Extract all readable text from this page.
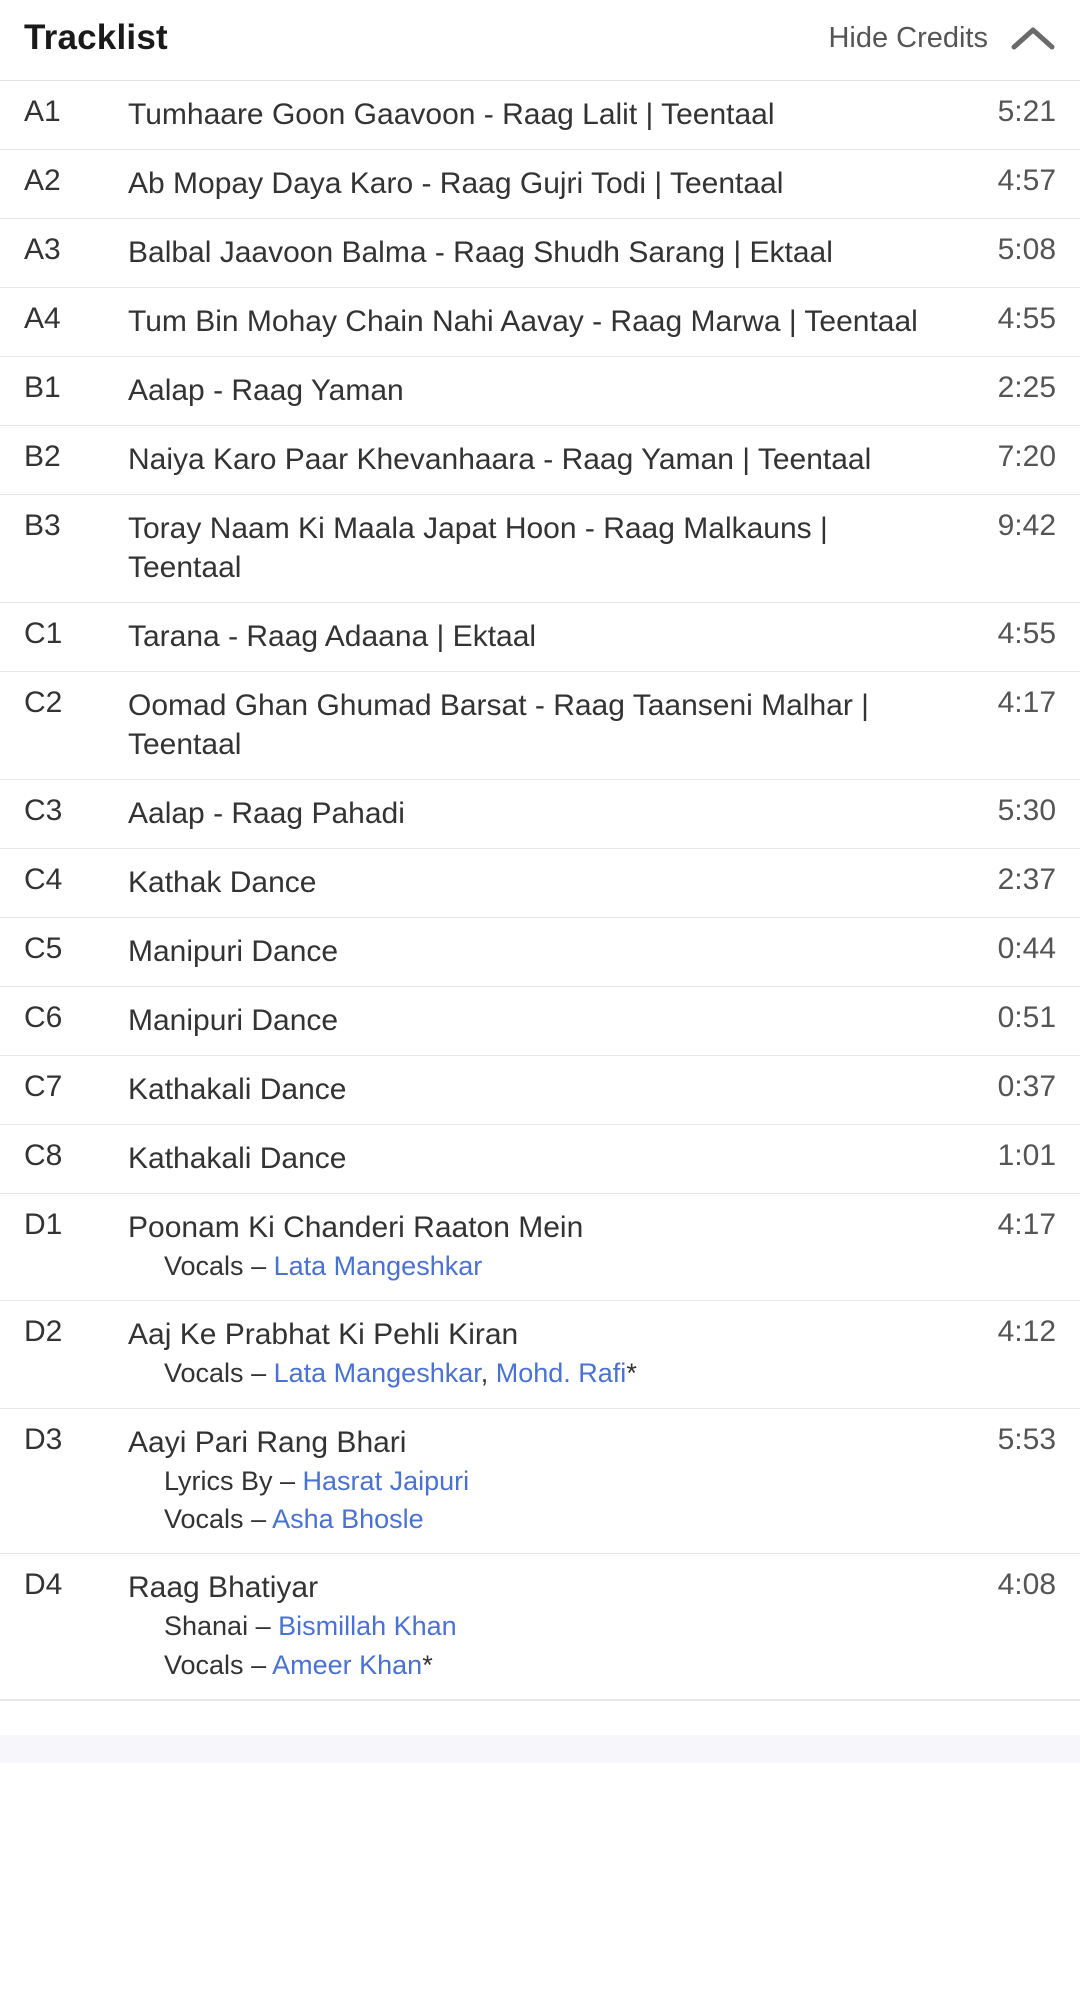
Tracklist	Hide Credits
A1	Tumhaare Goon Gaavoon - Raag Lalit | Teentaal	5:21
A2	Ab Mopay Daya Karo - Raag Gujri Todi | Teentaal	4:57
A3	Balbal Jaavoon Balma - Raag Shudh Sarang | Ektaal	5:08
A4	Tum Bin Mohay Chain Nahi Aavay - Raag Marwa | Teentaal	4:55
B1	Aalap - Raag Yaman	2:25
B2	Naiya Karo Paar Khevanhaara - Raag Yaman | Teentaal	7:20
B3	Toray Naam Ki Maala Japat Hoon - Raag Malkauns | Teentaal	9:42
C1	Tarana - Raag Adaana | Ektaal	4:55
C2	Oomad Ghan Ghumad Barsat - Raag Taanseni Malhar | Teentaal	4:17
C3	Aalap - Raag Pahadi	5:30
C4	Kathak Dance	2:37
C5	Manipuri Dance	0:44
C6	Manipuri Dance	0:51
C7	Kathakali Dance	0:37
C8	Kathakali Dance	1:01
D1	Poonam Ki Chanderi Raaton Mein
Vocals – Lata Mangeshkar	4:17
D2	Aaj Ke Prabhat Ki Pehli Kiran
Vocals – Lata Mangeshkar, Mohd. Rafi*	4:12
D3	Aayi Pari Rang Bhari
Lyrics By – Hasrat Jaipuri
Vocals – Asha Bhosle	5:53
D4	Raag Bhatiyar
Shanai – Bismillah Khan
Vocals – Ameer Khan*	4:08
